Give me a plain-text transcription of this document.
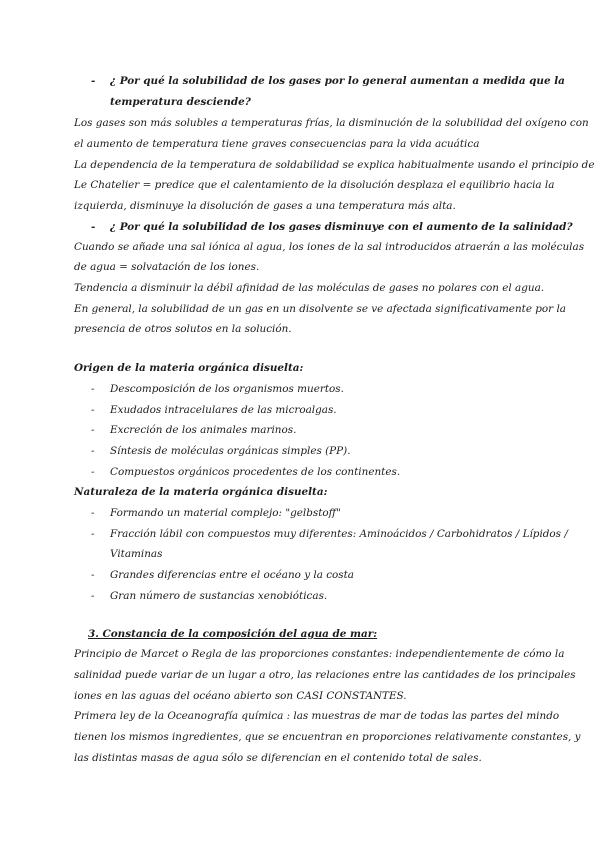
- ¿ Por qué la solubilidad de los gases por lo general aumentan a medida que la
temperatura desciende?
Los gases son más solubles a temperaturas frías, la disminución de la solubilidad del oxígeno con
el aumento de temperatura tiene graves consecuencias para la vida acuática
La dependencia de la temperatura de soldabilidad se explica habitualmente usando el principio de
Le Chatelier = predice que el calentamiento de la disolución desplaza el equilibrio hacia la
izquierda, disminuye la disolución de gases a una temperatura más alta.
- ¿ Por qué la solubilidad de los gases disminuye con el aumento de la salinidad?
Cuando se añade una sal iónica al agua, los iones de la sal introducidos atraerán a las moléculas
de agua = solvatación de los iones.
Tendencia a disminuir la débil afinidad de las moléculas de gases no polares con el agua.
En general, la solubilidad de un gas en un disolvente se ve afectada significativamente por la
presencia de otros solutos en la solución.
Origen de la materia orgánica disuelta:
- Descomposición de los organismos muertos.
- Exudados intracelulares de las microalgas.
- Excreción de los animales marinos.
- Síntesis de moléculas orgánicas simples (PP).
- Compuestos orgánicos procedentes de los continentes.
Naturaleza de la materia orgánica disuelta:
- Formando un material complejo: "gelbstoff"
- Fracción lábil con compuestos muy diferentes: Aminoácidos / Carbohidratos / Lípidos /
Vitaminas
- Grandes diferencias entre el océano y la costa
- Gran número de sustancias xenobióticas.
3. Constancia de la composición del agua de mar:
Principio de Marcet o Regla de las proporciones constantes: independientemente de cómo la
salinidad puede variar de un lugar a otro, las relaciones entre las cantidades de los principales
iones en las aguas del océano abierto son CASI CONSTANTES.
Primera ley de la Oceanografía química : las muestras de mar de todas las partes del mindo
tienen los mismos ingredientes, que se encuentran en proporciones relativamente constantes, y
las distintas masas de agua sólo se diferencian en el contenido total de sales.
